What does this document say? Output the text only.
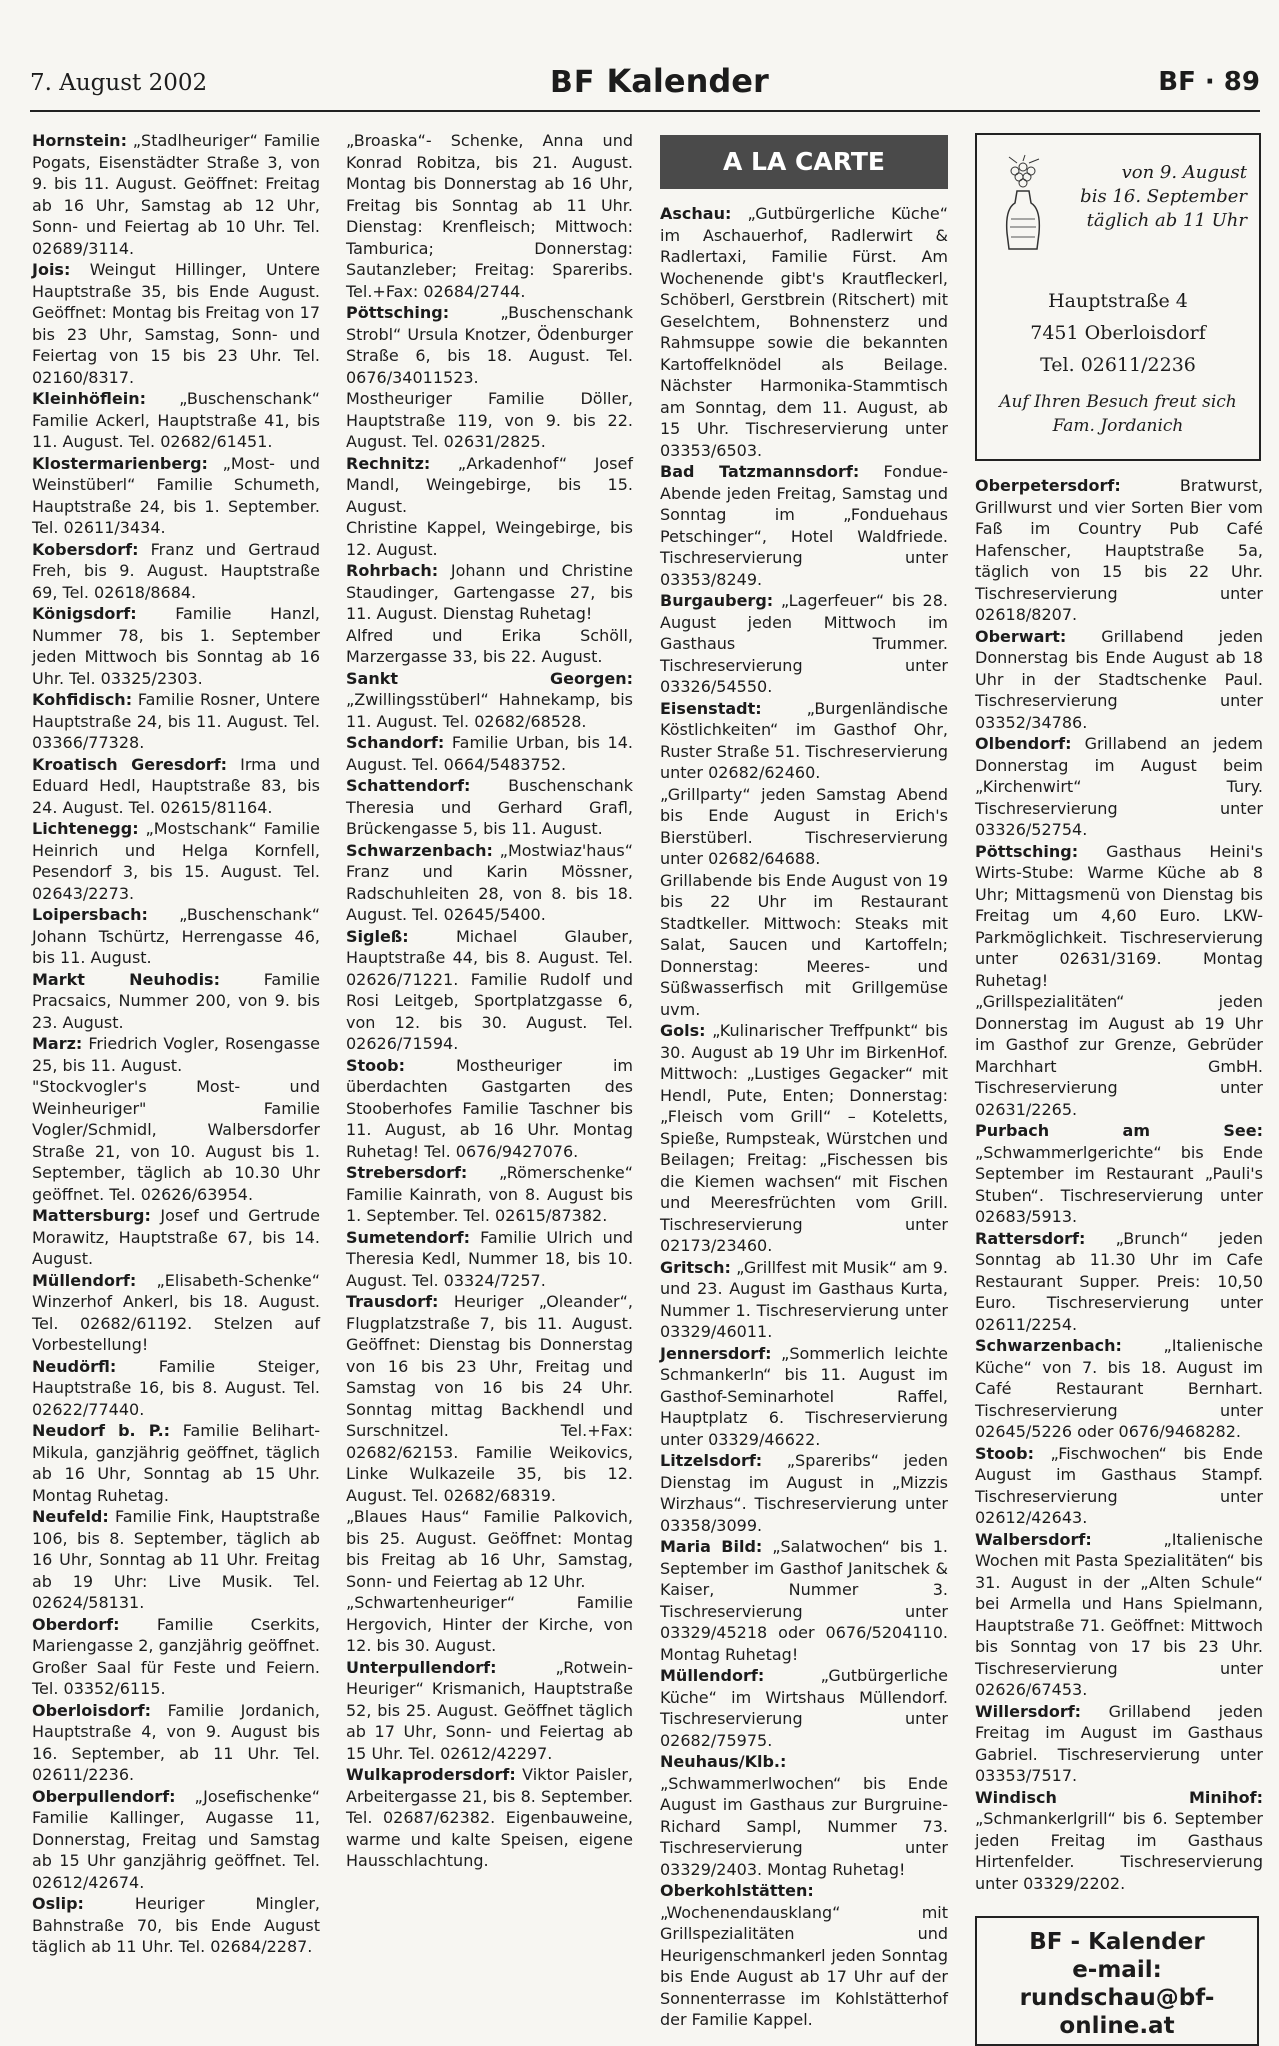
7. August 2002	BF Kalender	BF · 89

Hornstein: „Stadlheuriger“ Familie Pogats, Eisenstädter Straße 3, von 9. bis 11. August. Geöffnet: Freitag ab 16 Uhr, Samstag ab 12 Uhr, Sonn- und Feiertag ab 10 Uhr. Tel. 02689/3114.

Jois: Weingut Hillinger, Untere Hauptstraße 35, bis Ende August. Geöffnet: Montag bis Freitag von 17 bis 23 Uhr, Samstag, Sonn- und Feiertag von 15 bis 23 Uhr. Tel. 02160/8317.

Kleinhöflein: „Buschenschank“ Familie Ackerl, Hauptstraße 41, bis 11. August. Tel. 02682/61451.

Klostermarienberg: „Most- und Weinstüberl“ Familie Schumeth, Hauptstraße 24, bis 1. September. Tel. 02611/3434.

Kobersdorf: Franz und Gertraud Freh, bis 9. August. Hauptstraße 69, Tel. 02618/8684.

Königsdorf: Familie Hanzl, Nummer 78, bis 1. September jeden Mittwoch bis Sonntag ab 16 Uhr. Tel. 03325/2303.

Kohfidisch: Familie Rosner, Untere Hauptstraße 24, bis 11. August. Tel. 03366/77328.

Kroatisch Geresdorf: Irma und Eduard Hedl, Hauptstraße 83, bis 24. August. Tel. 02615/81164.

Lichtenegg: „Mostschank“ Familie Heinrich und Helga Kornfell, Pesendorf 3, bis 15. August. Tel. 02643/2273.

Loipersbach: „Buschenschank“ Johann Tschürtz, Herrengasse 46, bis 11. August.

Markt Neuhodis:	Familie Pracsaics, Nummer 200, von 9. bis 23. August.

Marz: Friedrich Vogler, Rosengasse 25, bis 11. August.

"Stockvogler's Most- und Weinheuriger" Familie Vogler/Schmidl, Walbersdorfer Straße 21, von 10. August bis 1. September, täglich ab 10.30 Uhr geöffnet. Tel. 02626/63954.

Mattersburg: Josef und Gertrude Morawitz, Hauptstraße 67, bis 14. August.

Müllendorf: „Elisabeth-Schenke“ Winzerhof Ankerl, bis 18. August. Tel. 02682/61192. Stelzen auf Vorbestellung!

Neudörfl:	Familie Steiger, Hauptstraße 16, bis 8. August. Tel. 02622/77440.

Neudorf b. P.: Familie Belihart-Mikula, ganzjährig geöffnet, täglich ab 16 Uhr, Sonntag ab 15 Uhr. Montag Ruhetag.

Neufeld: Familie Fink, Hauptstraße 106, bis 8. September, täglich ab 16 Uhr, Sonntag ab 11 Uhr. Freitag ab 19 Uhr: Live Musik. Tel. 02624/58131.

Oberdorf: Familie Cserkits, Mariengasse 2, ganzjährig geöffnet. Großer Saal für Feste und Feiern. Tel. 03352/6115.

Oberloisdorf: Familie Jordanich, Hauptstraße 4, von 9. August bis 16. September, ab 11 Uhr. Tel. 02611/2236.

Oberpullendorf: „Josefischenke“ Familie Kallinger, Augasse 11, Donnerstag, Freitag und Samstag ab 15 Uhr ganzjährig geöffnet. Tel. 02612/42674.

Oslip:	Heuriger Mingler, Bahnstraße 70, bis Ende August täglich ab 11 Uhr. Tel. 02684/2287.

„Broaska“- Schenke, Anna und Konrad Robitza, bis 21. August. Montag bis Donnerstag ab 16 Uhr, Freitag bis Sonntag ab 11 Uhr. Dienstag: Krenfleisch; Mittwoch: Tamburica; Donnerstag: Sautanzleber; Freitag: Spareribs. Tel.+Fax: 02684/2744.

Pöttsching:	„Buschenschank Strobl“ Ursula Knotzer, Ödenburger Straße 6, bis 18. August. Tel. 0676/34011523.

Mostheuriger Familie Döller, Hauptstraße 119, von 9. bis 22. August. Tel. 02631/2825.

Rechnitz: „Arkadenhof“ Josef Mandl, Weingebirge, bis 15. August.

Christine Kappel, Weingebirge, bis 12. August.

Rohrbach: Johann und Christine Staudinger, Gartengasse 27, bis 11. August. Dienstag Ruhetag!

Alfred und Erika Schöll, Marzergasse 33, bis 22. August.

Sankt Georgen: „Zwillingsstüberl“ Hahnekamp, bis 11. August. Tel. 02682/68528.

Schandorf: Familie Urban, bis 14. August. Tel. 0664/5483752.

Schattendorf: Buschenschank Theresia und Gerhard Grafl, Brückengasse 5, bis 11. August.

Schwarzenbach: „Mostwiaz'haus“ Franz und Karin Mössner, Radschuhleiten 28, von 8. bis 18. August. Tel. 02645/5400.

Sigleß:	Michael Glauber, Hauptstraße 44, bis 8. August. Tel. 02626/71221. Familie Rudolf und Rosi Leitgeb, Sportplatzgasse 6, von 12. bis 30. August. Tel. 02626/71594.

Stoob:	Mostheuriger im überdachten Gastgarten des Stooberhofes Familie Taschner bis 11. August, ab 16 Uhr. Montag Ruhetag! Tel. 0676/9427076.

Strebersdorf: „Römerschenke“ Familie Kainrath, von 8. August bis 1. September. Tel. 02615/87382.

Sumetendorf: Familie Ulrich und Theresia Kedl, Nummer 18, bis 10. August. Tel. 03324/7257.

Trausdorf: Heuriger „Oleander“, Flugplatzstraße 7, bis 11. August. Geöffnet: Dienstag bis Donnerstag von 16 bis 23 Uhr, Freitag und Samstag von 16 bis 24 Uhr. Sonntag mittag Backhendl und Surschnitzel. Tel.+Fax: 02682/62153. Familie Weikovics, Linke Wulkazeile 35, bis 12. August. Tel. 02682/68319.

„Blaues Haus“ Familie Palkovich, bis 25. August. Geöffnet: Montag bis Freitag ab 16 Uhr, Samstag, Sonn- und Feiertag ab 12 Uhr.

„Schwartenheuriger“ Familie Hergovich, Hinter der Kirche, von 12. bis 30. August.

Unterpullendorf:	„Rotwein-Heuriger“ Krismanich, Hauptstraße 52, bis 25. August. Geöffnet täglich ab 17 Uhr, Sonn- und Feiertag ab 15 Uhr. Tel. 02612/42297.

Wulkaprodersdorf: Viktor Paisler, Arbeitergasse 21, bis 8. September. Tel. 02687/62382. Eigenbauweine, warme und kalte Speisen, eigene Hausschlachtung.

A LA CARTE

Aschau: „Gutbürgerliche Küche“ im Aschauerhof, Radlerwirt & Radlertaxi, Familie Fürst. Am Wochenende gibt's Krautfleckerl, Schöberl, Gerstbrein (Ritschert) mit Geselchtem, Bohnensterz und Rahmsuppe sowie die bekannten Kartoffelknödel als Beilage. Nächster Harmonika-Stammtisch am Sonntag, dem 11. August, ab 15 Uhr. Tischreservierung unter 03353/6503.

Bad Tatzmannsdorf: Fondue-Abende jeden Freitag, Samstag und Sonntag im „Fonduehaus Petschinger“, Hotel Waldfriede. Tischreservierung unter 03353/8249.

Burgauberg: „Lagerfeuer“ bis 28. August jeden Mittwoch im Gasthaus Trummer. Tischreservierung unter 03326/54550.

Eisenstadt:	„Burgenländische Köstlichkeiten“ im Gasthof Ohr, Ruster Straße 51. Tischreservierung unter 02682/62460.

„Grillparty“ jeden Samstag Abend bis Ende August in Erich's Bierstüberl. Tischreservierung unter 02682/64688.

Grillabende bis Ende August von 19 bis 22 Uhr im Restaurant Stadtkeller. Mittwoch: Steaks mit Salat, Saucen und Kartoffeln; Donnerstag: Meeres- und Süßwasserfisch mit Grillgemüse uvm.

Gols: „Kulinarischer Treffpunkt“ bis 30. August ab 19 Uhr im BirkenHof. Mittwoch: „Lustiges Gegacker“ mit Hendl, Pute, Enten; Donnerstag: „Fleisch vom Grill“ – Koteletts, Spieße, Rumpsteak, Würstchen und Beilagen; Freitag: „Fischessen bis die Kiemen wachsen“ mit Fischen und Meeresfrüchten vom Grill. Tischreservierung unter 02173/23460.

Gritsch: „Grillfest mit Musik“ am 9. und 23. August im Gasthaus Kurta, Nummer 1. Tischreservierung unter 03329/46011.

Jennersdorf: „Sommerlich leichte Schmankerln“ bis 11. August im Gasthof-Seminarhotel Raffel, Hauptplatz 6. Tischreservierung unter 03329/46622.

Litzelsdorf: „Spareribs“ jeden Dienstag im August in „Mizzis Wirzhaus“. Tischreservierung unter 03358/3099.

Maria Bild: „Salatwochen“ bis 1. September im Gasthof Janitschek & Kaiser, Nummer 3. Tischreservierung unter 03329/45218 oder 0676/5204110. Montag Ruhetag!

Müllendorf:	„Gutbürgerliche Küche“ im Wirtshaus Müllendorf. Tischreservierung unter 02682/75975.

Neuhaus/Klb.: „Schwammerlwochen“ bis Ende August im Gasthaus zur Burgruine-Richard Sampl, Nummer 73. Tischreservierung unter 03329/2403. Montag Ruhetag!

Oberkohlstätten: „Wochenendausklang“ mit Grillspezialitäten und Heurigenschmankerl jeden Sonntag bis Ende August ab 17 Uhr auf der Sonnenterrasse im Kohlstätterhof der Familie Kappel.

von 9. August
bis 16. September
täglich ab 11 Uhr
Hauptstraße 4
7451 Oberloisdorf
Tel. 02611/2236
Auf Ihren Besuch freut sich
Fam. Jordanich

Oberpetersdorf:	Bratwurst, Grillwurst und vier Sorten Bier vom Faß im Country Pub Café Hafenscher, Hauptstraße 5a, täglich von 15 bis 22 Uhr. Tischreservierung unter 02618/8207.

Oberwart: Grillabend jeden Donnerstag bis Ende August ab 18 Uhr in der Stadtschenke Paul. Tischreservierung unter 03352/34786.

Olbendorf: Grillabend an jedem Donnerstag im August beim „Kirchenwirt“ Tury. Tischreservierung unter 03326/52754.

Pöttsching: Gasthaus Heini's Wirts-Stube: Warme Küche ab 8 Uhr; Mittagsmenü von Dienstag bis Freitag um 4,60 Euro. LKW-Parkmöglichkeit. Tischreservierung unter 02631/3169. Montag Ruhetag!

„Grillspezialitäten“ jeden Donnerstag im August ab 19 Uhr im Gasthof zur Grenze, Gebrüder Marchhart GmbH. Tischreservierung unter 02631/2265.

Purbach am See: „Schwammerlgerichte“ bis Ende September im Restaurant „Pauli's Stuben“. Tischreservierung unter 02683/5913.

Rattersdorf: „Brunch“ jeden Sonntag ab 11.30 Uhr im Cafe Restaurant Supper. Preis: 10,50 Euro. Tischreservierung unter 02611/2254.

Schwarzenbach:	„Italienische Küche“ von 7. bis 18. August im Café Restaurant Bernhart. Tischreservierung unter 02645/5226 oder 0676/9468282.

Stoob: „Fischwochen“ bis Ende August im Gasthaus Stampf. Tischreservierung unter 02612/42643.

Walbersdorf:	„Italienische Wochen mit Pasta Spezialitäten“ bis 31. August in der „Alten Schule“ bei Armella und Hans Spielmann, Hauptstraße 71. Geöffnet: Mittwoch bis Sonntag von 17 bis 23 Uhr. Tischreservierung unter 02626/67453.

Willersdorf: Grillabend jeden Freitag im August im Gasthaus Gabriel. Tischreservierung unter 03353/7517.

Windisch Minihof: „Schmankerlgrill“ bis 6. September jeden Freitag im Gasthaus Hirtenfelder. Tischreservierung unter 03329/2202.

BF - Kalender
e-mail:
rundschau@bf-
online.at
